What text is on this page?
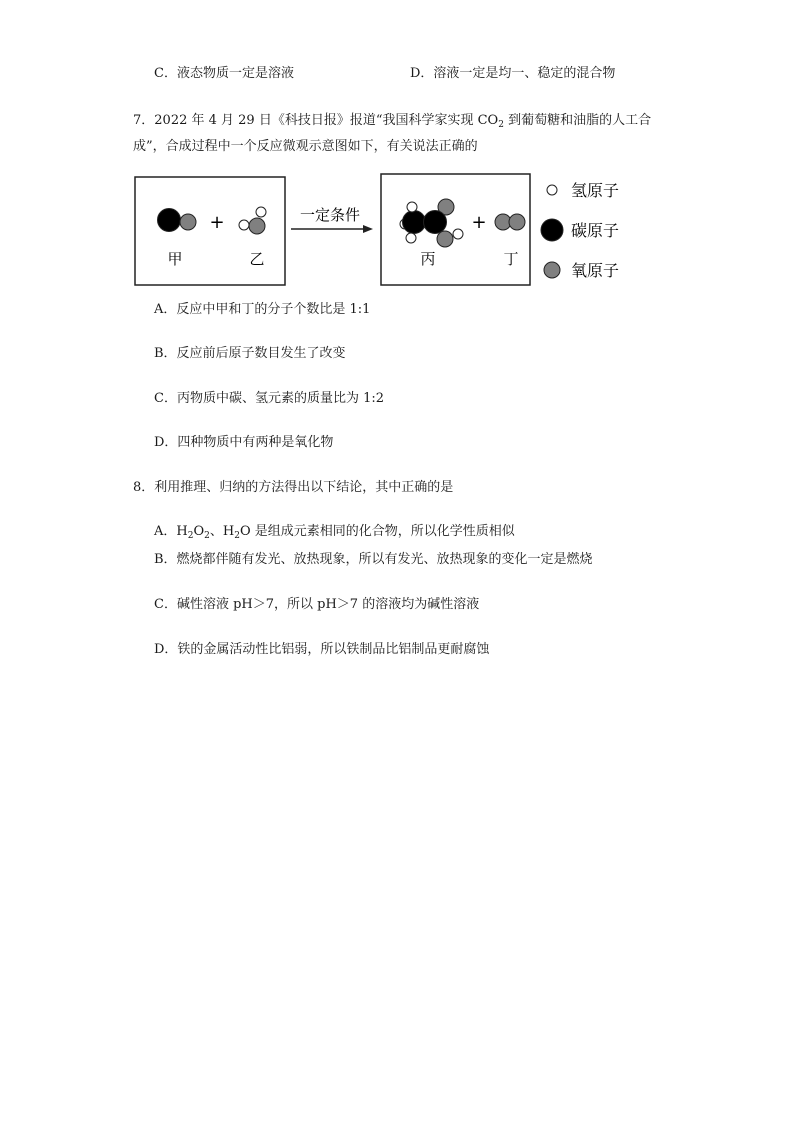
C．液态物质一定是溶液	D．溶液一定是均一、稳定的混合物
7．2022 年 4 月 29 日《科技日报》报道“我国科学家实现 $CO_2$ 到葡萄糖和油脂的人工合
成”，合成过程中一个反应微观示意图如下，有关说法正确的
+
甲	乙
一定条件	+
丙	丁
氢原子
碳原子
氧原子
A．反应中甲和丁的分子个数比是 1:1
B．反应前后原子数目发生了改变
C．丙物质中碳、氢元素的质量比为 1:2
D．四种物质中有两种是氧化物
8．利用推理、归纳的方法得出以下结论，其中正确的是
A．$H_2O_2$、$H_2O$ 是组成元素相同的化合物，所以化学性质相似
B．燃烧都伴随有发光、放热现象，所以有发光、放热现象的变化一定是燃烧
C．碱性溶液 pH＞7，所以 pH＞7 的溶液均为碱性溶液
D．铁的金属活动性比铝弱，所以铁制品比铝制品更耐腐蚀
